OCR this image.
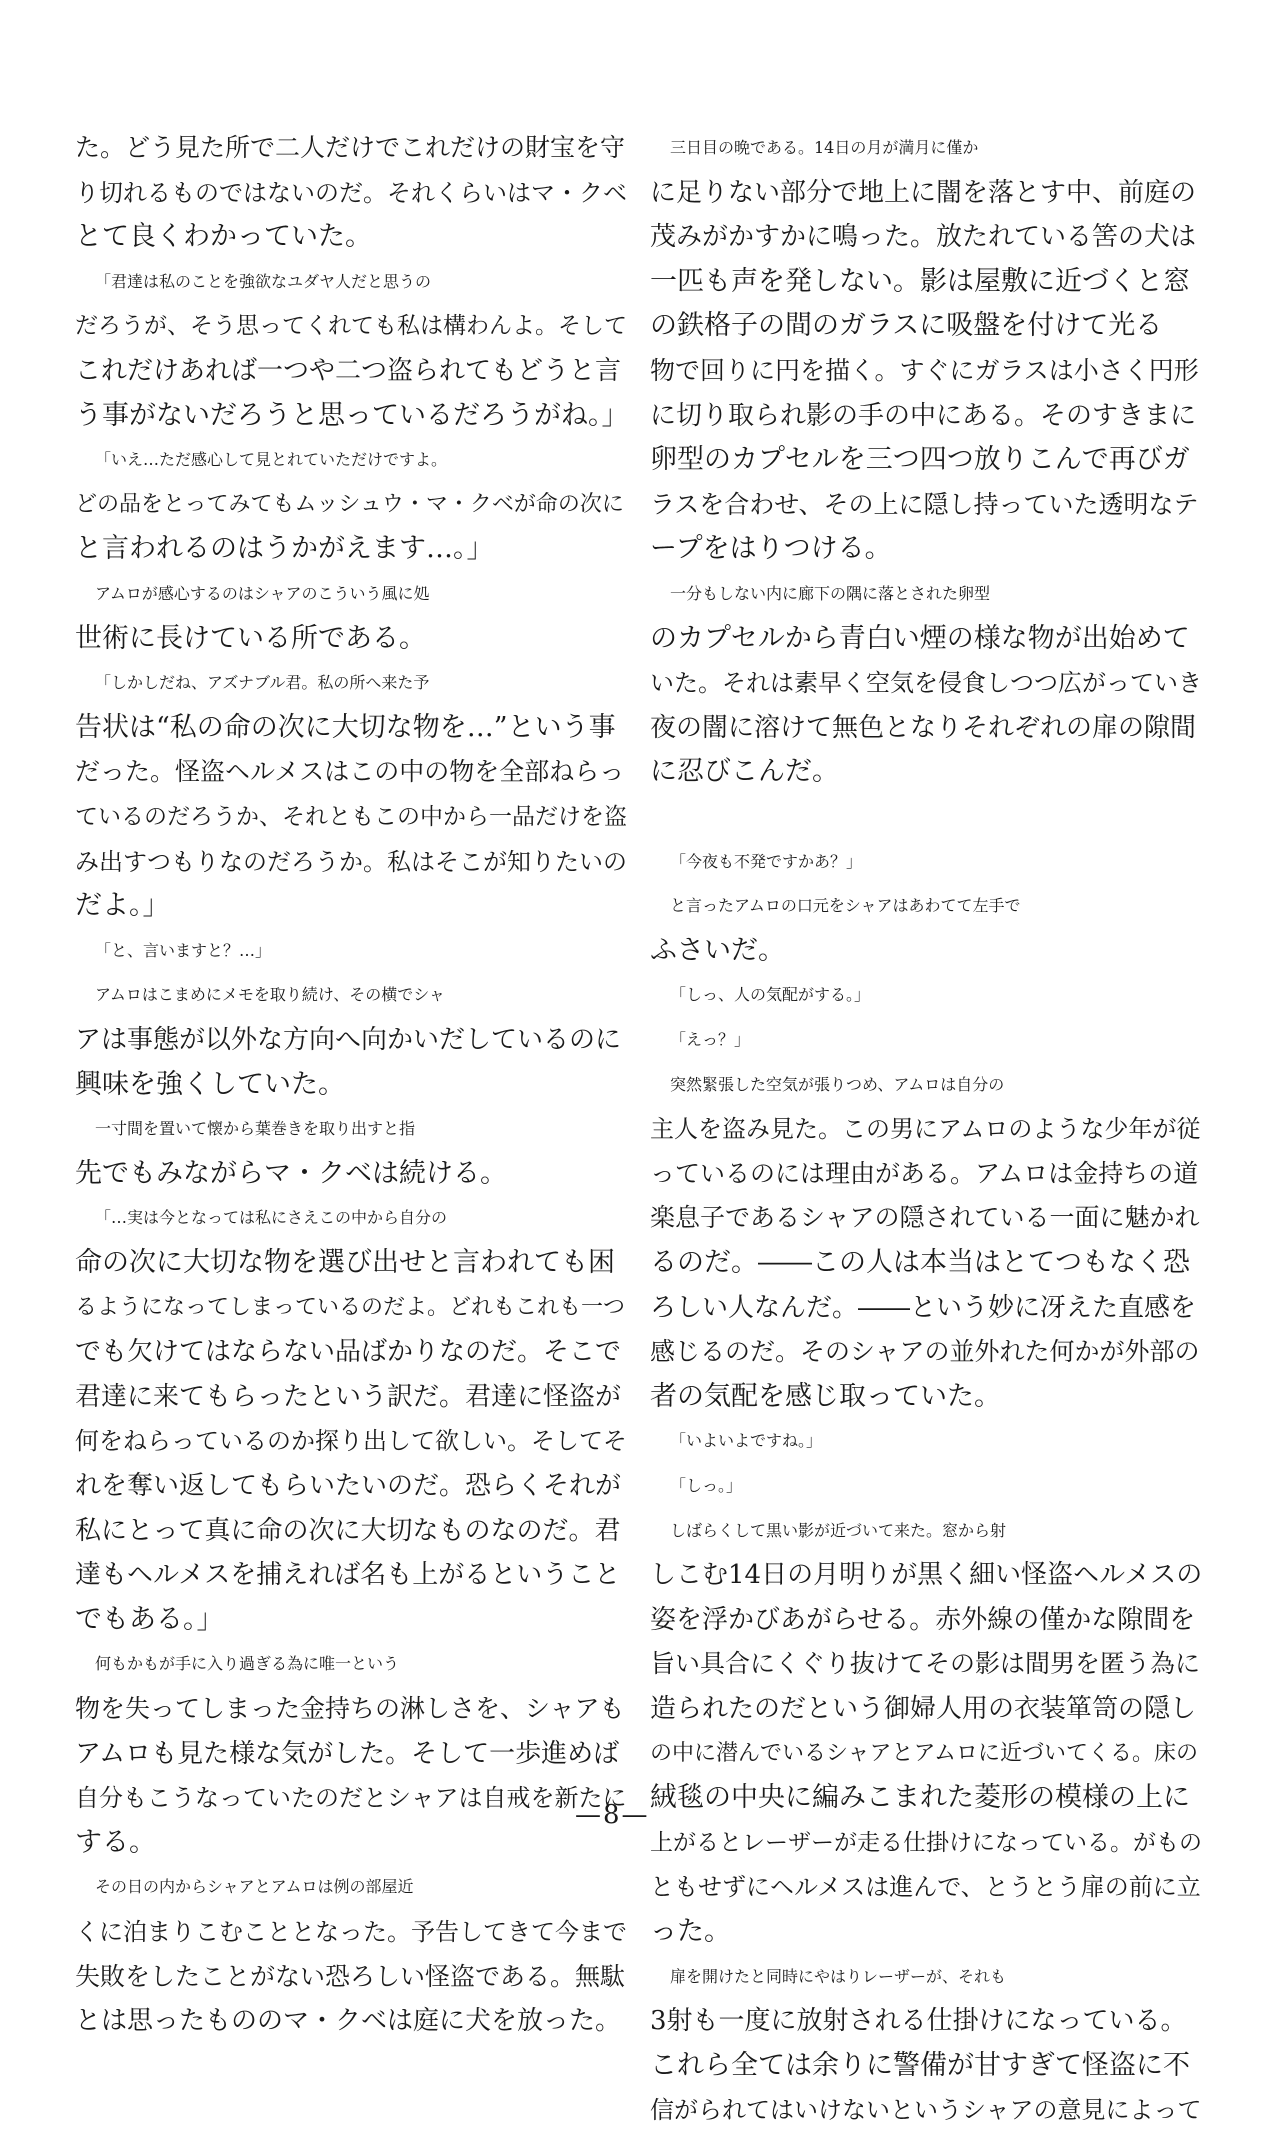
た。どう見た所で二人だけでこれだけの財宝を守
り切れるものではないのだ。それくらいはマ・クベ
とて良くわかっていた。
「君達は私のことを強欲なユダヤ人だと思うの
だろうが、そう思ってくれても私は構わんよ。そして
これだけあれば一つや二つ盗られてもどうと言
う事がないだろうと思っているだろうがね。」
「いえ…ただ感心して見とれていただけですよ。
どの品をとってみてもムッシュウ・マ・クベが命の次に
と言われるのはうかがえます…。」
アムロが感心するのはシャアのこういう風に処
世術に長けている所である。
「しかしだね、アズナブル君。私の所へ来た予
告状は“私の命の次に大切な物を…”という事
だった。怪盗ヘルメスはこの中の物を全部ねらっ
ているのだろうか、それともこの中から一品だけを盗
み出すつもりなのだろうか。私はそこが知りたいの
だよ。」
「と、言いますと？…」
アムロはこまめにメモを取り続け、その横でシャ
アは事態が以外な方向へ向かいだしているのに
興味を強くしていた。
一寸間を置いて懐から葉巻きを取り出すと指
先でもみながらマ・クベは続ける。
「…実は今となっては私にさえこの中から自分の
命の次に大切な物を選び出せと言われても困
るようになってしまっているのだよ。どれもこれも一つ
でも欠けてはならない品ばかりなのだ。そこで
君達に来てもらったという訳だ。君達に怪盗が
何をねらっているのか探り出して欲しい。そしてそ
れを奪い返してもらいたいのだ。恐らくそれが
私にとって真に命の次に大切なものなのだ。君
達もヘルメスを捕えれば名も上がるということ
でもある。」
何もかもが手に入り過ぎる為に唯一という
物を失ってしまった金持ちの淋しさを、シャアも
アムロも見た様な気がした。そして一歩進めば
自分もこうなっていたのだとシャアは自戒を新たに
する。
その日の内からシャアとアムロは例の部屋近
くに泊まりこむこととなった。予告してきて今まで
失敗をしたことがない恐ろしい怪盗である。無駄
とは思ったもののマ・クベは庭に犬を放った。
三日目の晩である。14日の月が満月に僅か
に足りない部分で地上に闇を落とす中、前庭の
茂みがかすかに鳴った。放たれている筈の犬は
一匹も声を発しない。影は屋敷に近づくと窓
の鉄格子の間のガラスに吸盤を付けて光る
物で回りに円を描く。すぐにガラスは小さく円形
に切り取られ影の手の中にある。そのすきまに
卵型のカプセルを三つ四つ放りこんで再びガ
ラスを合わせ、その上に隠し持っていた透明なテ
ープをはりつける。
一分もしない内に廊下の隅に落とされた卵型
のカプセルから青白い煙の様な物が出始めて
いた。それは素早く空気を侵食しつつ広がっていき
夜の闇に溶けて無色となりそれぞれの扉の隙間
に忍びこんだ。
「今夜も不発ですかあ？」
と言ったアムロの口元をシャアはあわてて左手で
ふさいだ。
「しっ、人の気配がする。」
「えっ？」
突然緊張した空気が張りつめ、アムロは自分の
主人を盗み見た。この男にアムロのような少年が従
っているのには理由がある。アムロは金持ちの道
楽息子であるシャアの隠されている一面に魅かれ
るのだ。――この人は本当はとてつもなく恐
ろしい人なんだ。――という妙に冴えた直感を
感じるのだ。そのシャアの並外れた何かが外部の
者の気配を感じ取っていた。
「いよいよですね。」
「しっ。」
しばらくして黒い影が近づいて来た。窓から射
しこむ14日の月明りが黒く細い怪盗ヘルメスの
姿を浮かびあがらせる。赤外線の僅かな隙間を
旨い具合にくぐり抜けてその影は間男を匿う為に
造られたのだという御婦人用の衣装箪笥の隠し
の中に潜んでいるシャアとアムロに近づいてくる。床の
絨毯の中央に編みこまれた菱形の模様の上に
上がるとレーザーが走る仕掛けになっている。がもの
ともせずにヘルメスは進んで、とうとう扉の前に立
った。
扉を開けたと同時にやはりレーザーが、それも
3射も一度に放射される仕掛けになっている。
これら全ては余りに警備が甘すぎて怪盗に不
信がられてはいけないというシャアの意見によって
—8—
